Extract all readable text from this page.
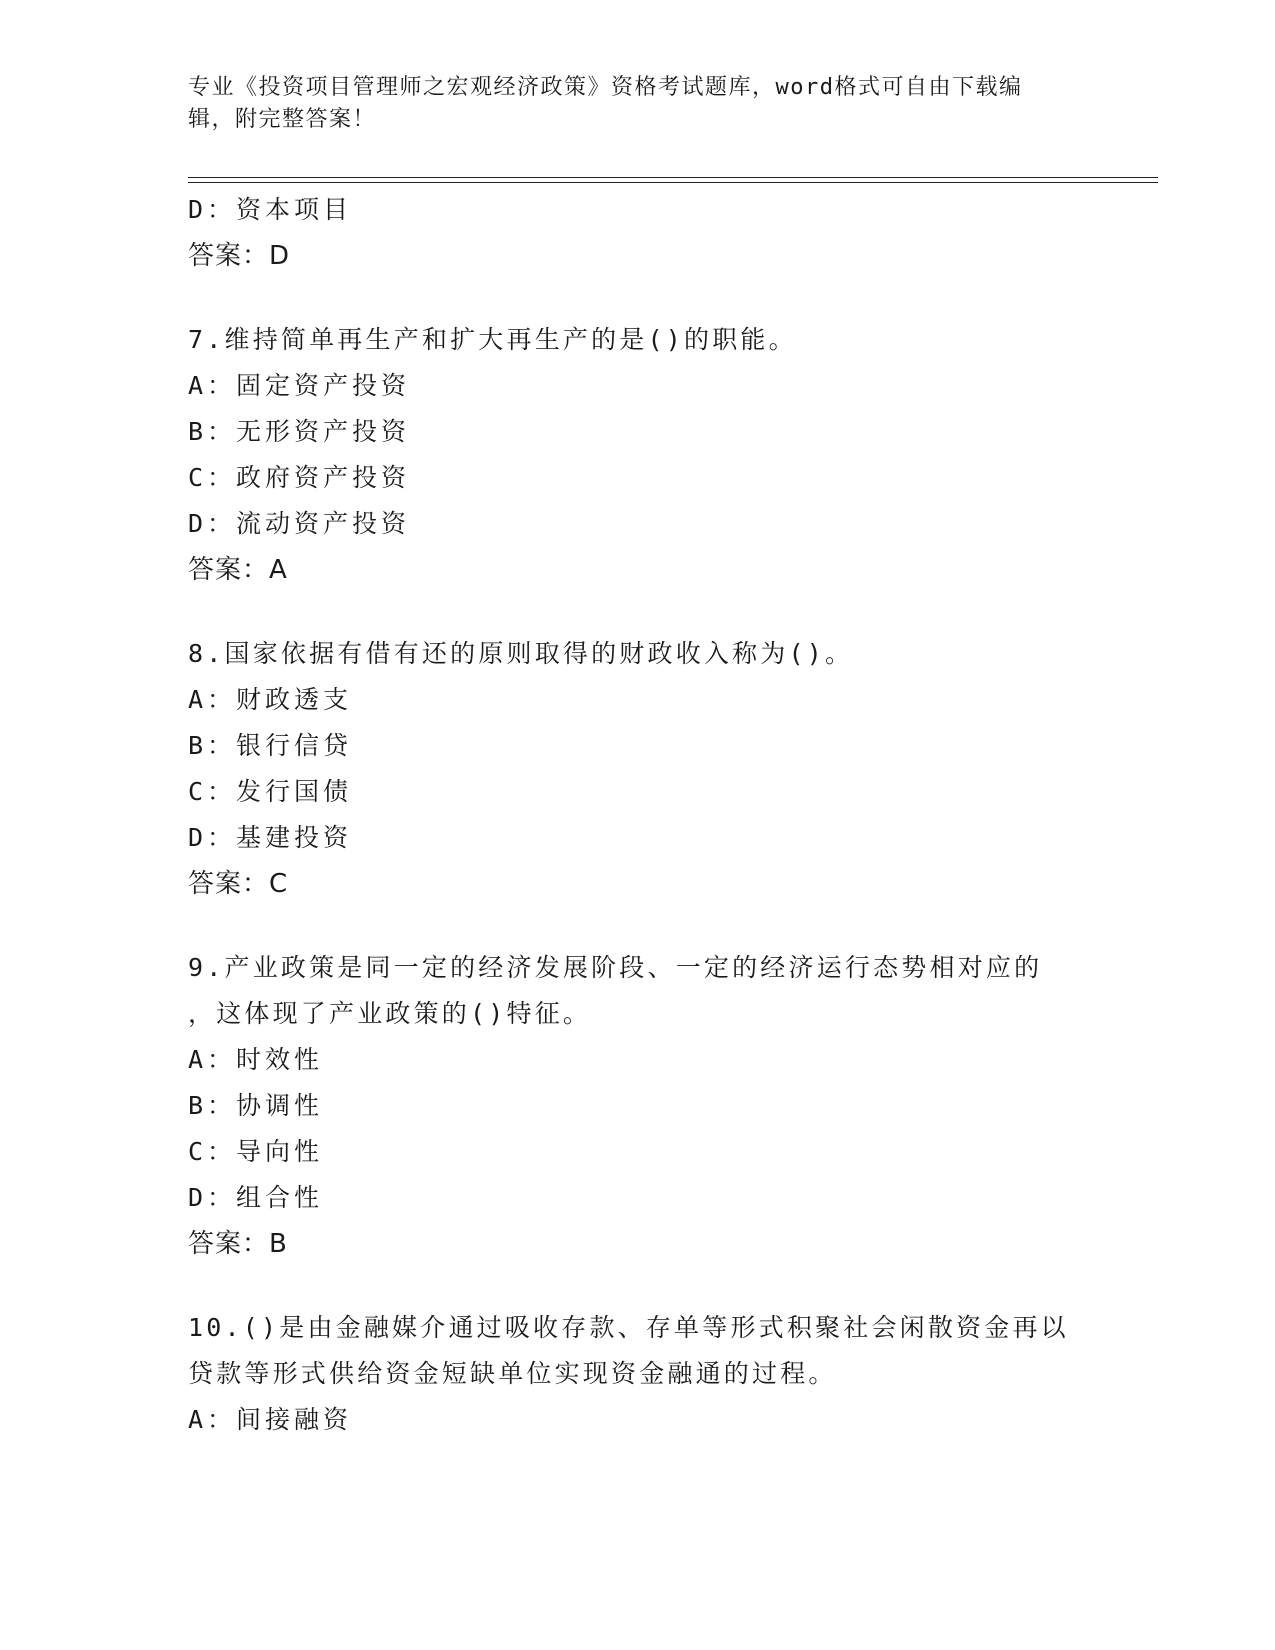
专业《投资项目管理师之宏观经济政策》资格考试题库，word格式可自由下载编辑，附完整答案！
D：资本项目
答案：D
7.维持简单再生产和扩大再生产的是()的职能。
A：固定资产投资
B：无形资产投资
C：政府资产投资
D：流动资产投资
答案：A
8.国家依据有借有还的原则取得的财政收入称为()。
A：财政透支
B：银行信贷
C：发行国债
D：基建投资
答案：C
9.产业政策是同一定的经济发展阶段、一定的经济运行态势相对应的
，这体现了产业政策的()特征。
A：时效性
B：协调性
C：导向性
D：组合性
答案：B
10.()是由金融媒介通过吸收存款、存单等形式积聚社会闲散资金再以
贷款等形式供给资金短缺单位实现资金融通的过程。
A：间接融资
